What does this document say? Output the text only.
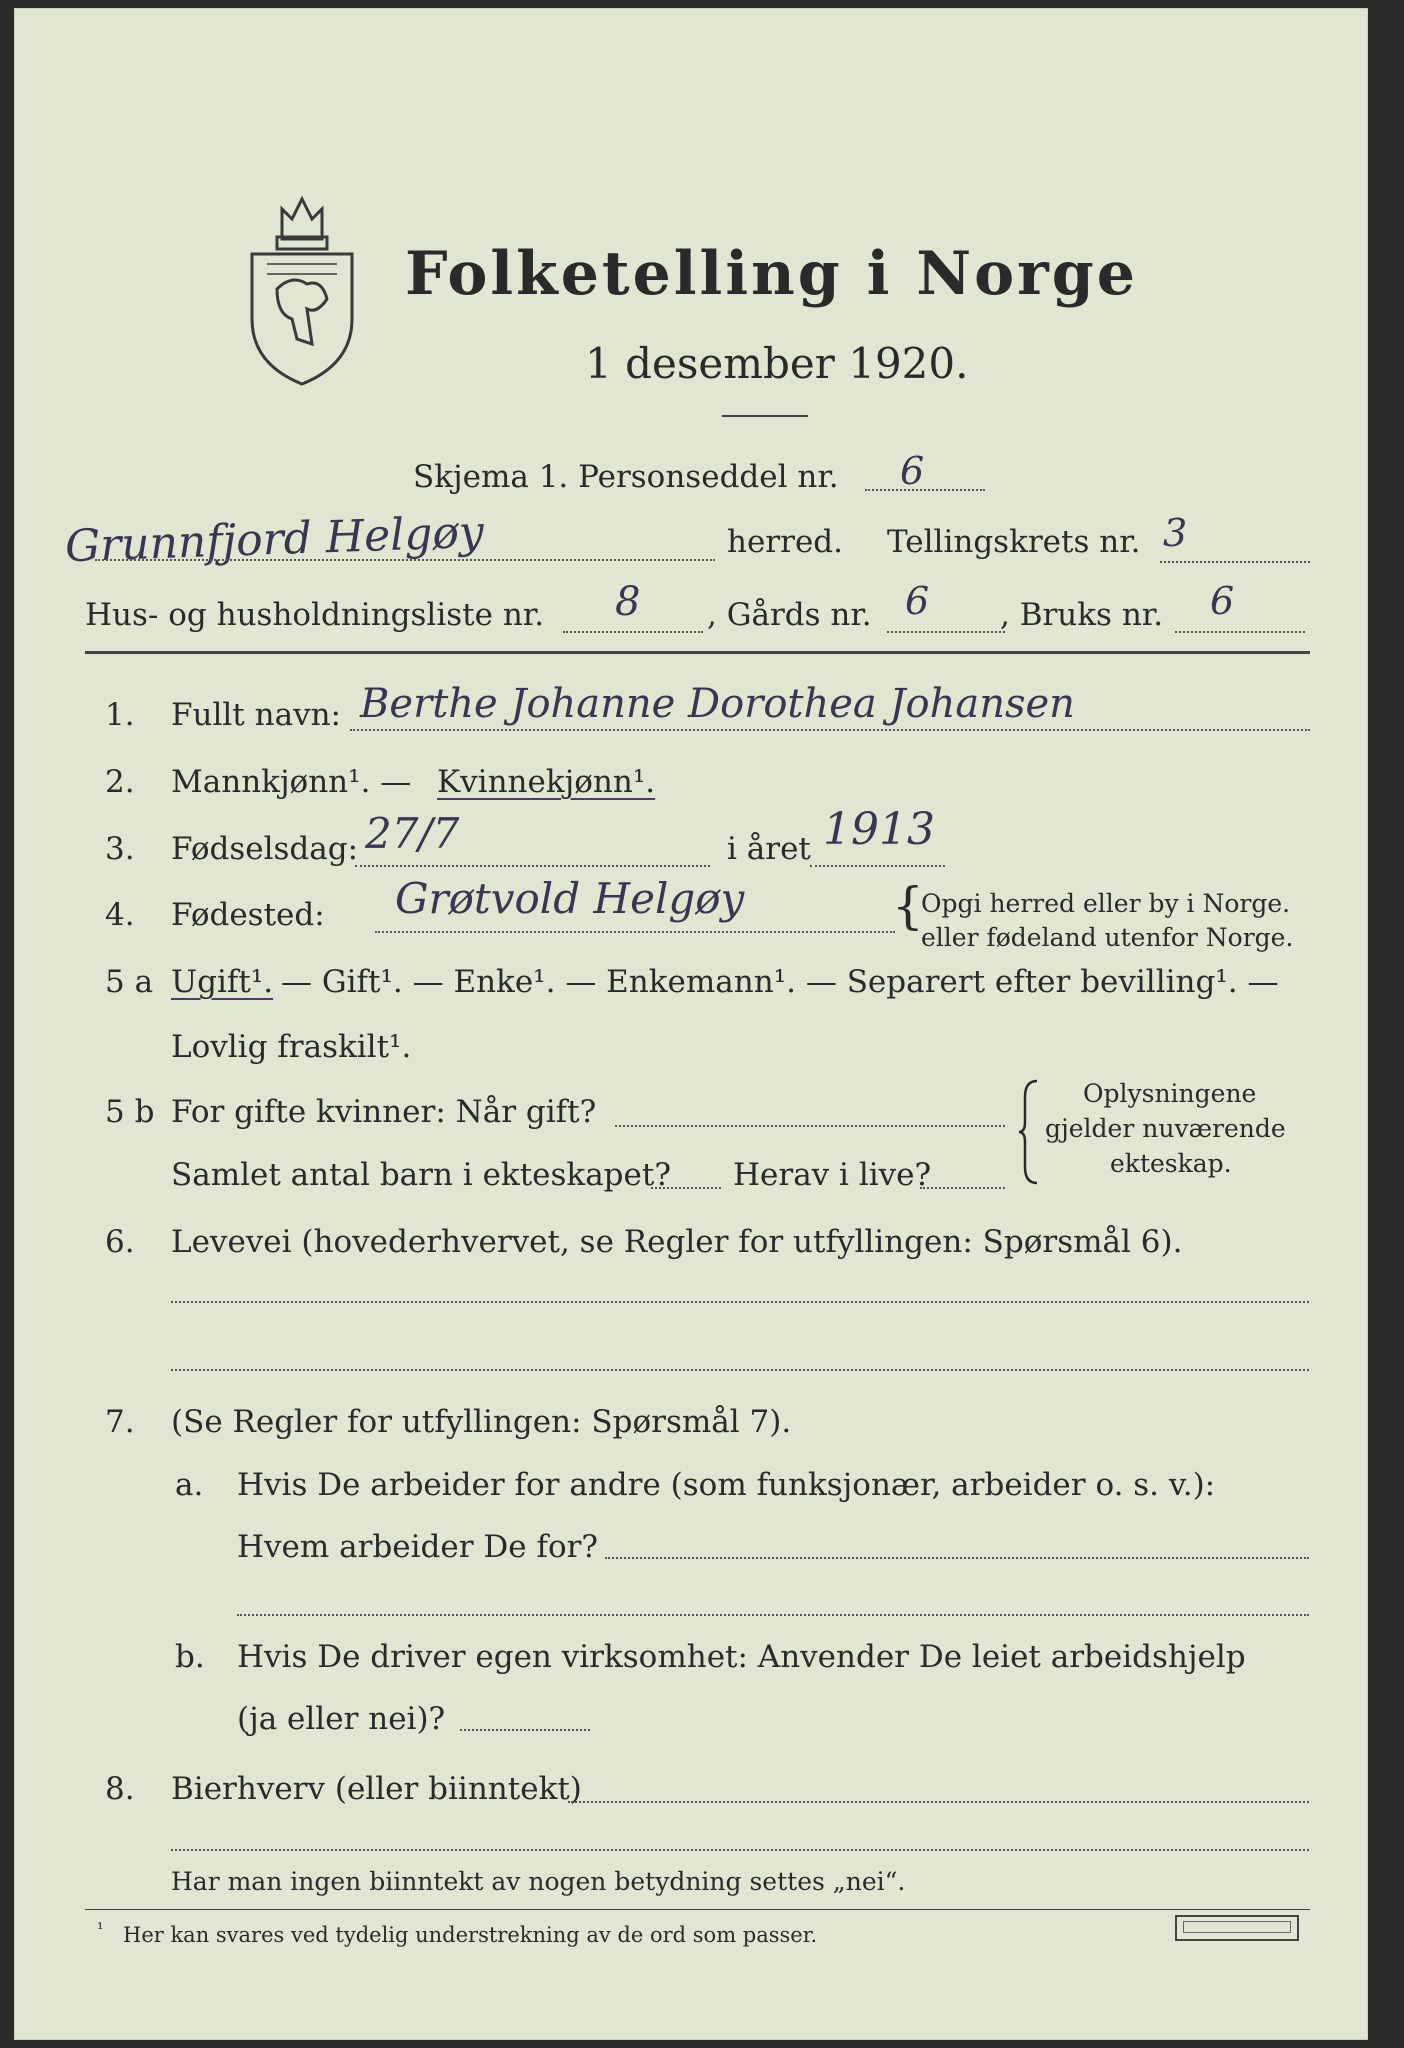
Folketelling i Norge
1 desember 1920.
Skjema 1. Personseddel nr. 6
Grunnfjord Helgøy	herred. Tellingskrets nr. 3
Hus- og husholdningsliste nr. 8 , Gårds nr. 6 , Bruks nr. 6
1. Fullt navn: Berthe Johanne Dorothea Johansen
2. Mannkjønn¹. — Kvinnekjønn¹.
3. Fødselsdag: 27/7	i året 1913
4. Fødested: Grøtvold Helgøy	{
Opgi herred eller by i Norge.
eller fødeland utenfor Norge.
5 a Ugift¹. — Gift¹. — Enke¹. — Enkemann¹. — Separert efter bevilling¹. —
Lovlig fraskilt¹.
5 b For gifte kvinner: Når gift?
Samlet antal barn i ekteskapet? Herav i live?
Oplysningene
gjelder nuværende
ekteskap.
6. Levevei (hovederhvervet, se Regler for utfyllingen: Spørsmål 6).
7. (Se Regler for utfyllingen: Spørsmål 7).
a. Hvis De arbeider for andre (som funksjonær, arbeider o. s. v.):
Hvem arbeider De for?
b. Hvis De driver egen virksomhet: Anvender De leiet arbeidshjelp
(ja eller nei)?
8. Bierhverv (eller biinntekt)
Har man ingen biinntekt av nogen betydning settes „nei“.
¹ Her kan svares ved tydelig understrekning av de ord som passer.
